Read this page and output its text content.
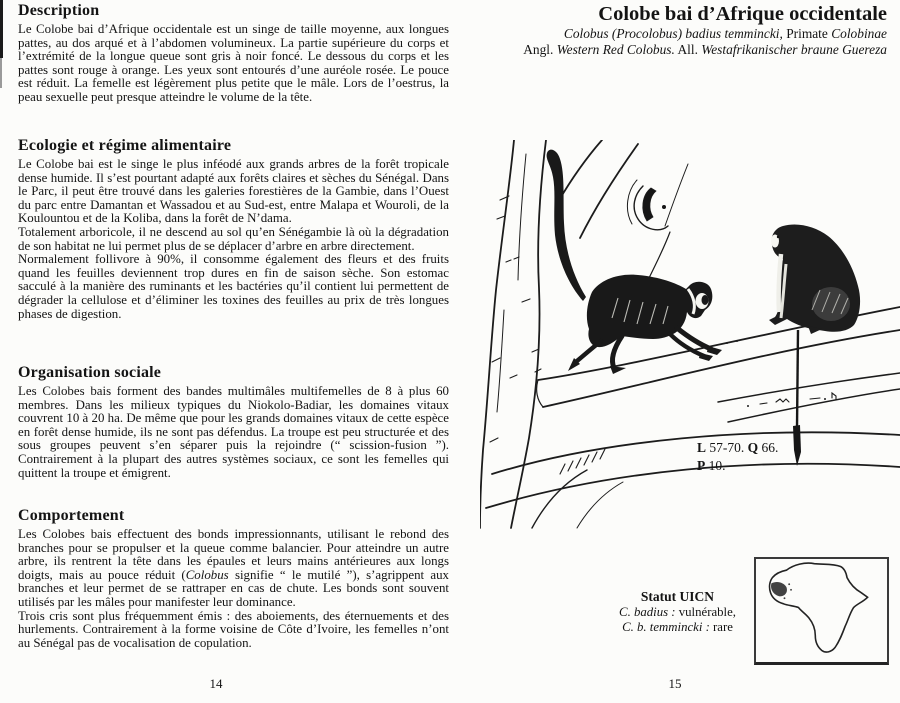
Description

Le Colobe bai d’Afrique occidentale est un singe de taille moyenne, aux longues pattes, au dos arqué et à l’abdomen volumineux. La partie supérieure du corps et l’extrémité de la longue queue sont gris à noir foncé. Le dessous du corps et les pattes sont rouge à orange. Les yeux sont entourés d’une auréole rosée. Le pouce est réduit. La femelle est légèrement plus petite que le mâle. Lors de l’oestrus, la peau sexuelle peut presque atteindre le volume de la tête.

Ecologie et régime alimentaire

Le Colobe bai est le singe le plus inféodé aux grands arbres de la forêt tropicale dense humide. Il s’est pourtant adapté aux forêts claires et sèches du Sénégal. Dans le Parc, il peut être trouvé dans les galeries forestières de la Gambie, dans l’Ouest du parc entre Damantan et Wassadou et au Sud-est, entre Malapa et Wouroli, de la Koulountou et de la Koliba, dans la forêt de N’dama.

Totalement arboricole, il ne descend au sol qu’en Sénégambie là où la dégradation de son habitat ne lui permet plus de se déplacer d’arbre en arbre directement.

Normalement follivore à 90%, il consomme également des fleurs et des fruits quand les feuilles deviennent trop dures en fin de saison sèche. Son estomac sacculé à la manière des ruminants et les bactéries qu’il contient lui permettent de dégrader la cellulose et d’éliminer les toxines des feuilles au prix de très longues phases de digestion.

Organisation sociale

Les Colobes bais forment des bandes multimâles multifemelles de 8 à plus 60 membres. Dans les milieux typiques du Niokolo-Badiar, les domaines vitaux couvrent 10 à 20 ha. De même que pour les grands domaines vitaux de cette espèce en forêt dense humide, ils ne sont pas défendus. La troupe est peu structurée et des sous groupes peuvent s’en séparer puis la rejoindre (“ scission-fusion ”). Contrairement à la plupart des autres systèmes sociaux, ce sont les femelles qui quittent la troupe et émigrent.

Comportement

Les Colobes bais effectuent des bonds impressionnants, utilisant le rebond des branches pour se propulser et la queue comme balancier. Pour atteindre un autre arbre, ils rentrent la tête dans les épaules et leurs mains antérieures aux longs doigts, mais au pouce réduit (Colobus signifie “ le mutilé ”), s’agrippent aux branches et leur permet de se rattraper en cas de chute. Les bonds sont souvent utilisés par les mâles pour manifester leur dominance.

Trois cris sont plus fréquemment émis : des aboiements, des éternuements et des hurlements. Contrairement à la forme voisine de Côte d’Ivoire, les femelles n’ont au Sénégal pas de vocalisation de copulation.

14
Colobe bai d’Afrique occidentale
Colobus (Procolobus) badius temmincki, Primate Colobinae
Angl. Western Red Colobus. All. Westafrikanischer braune Guereza
L 57-70. Q 66.
P 10.
Statut UICN
C. badius : vulnérable,
C. b. temmincki : rare
15
